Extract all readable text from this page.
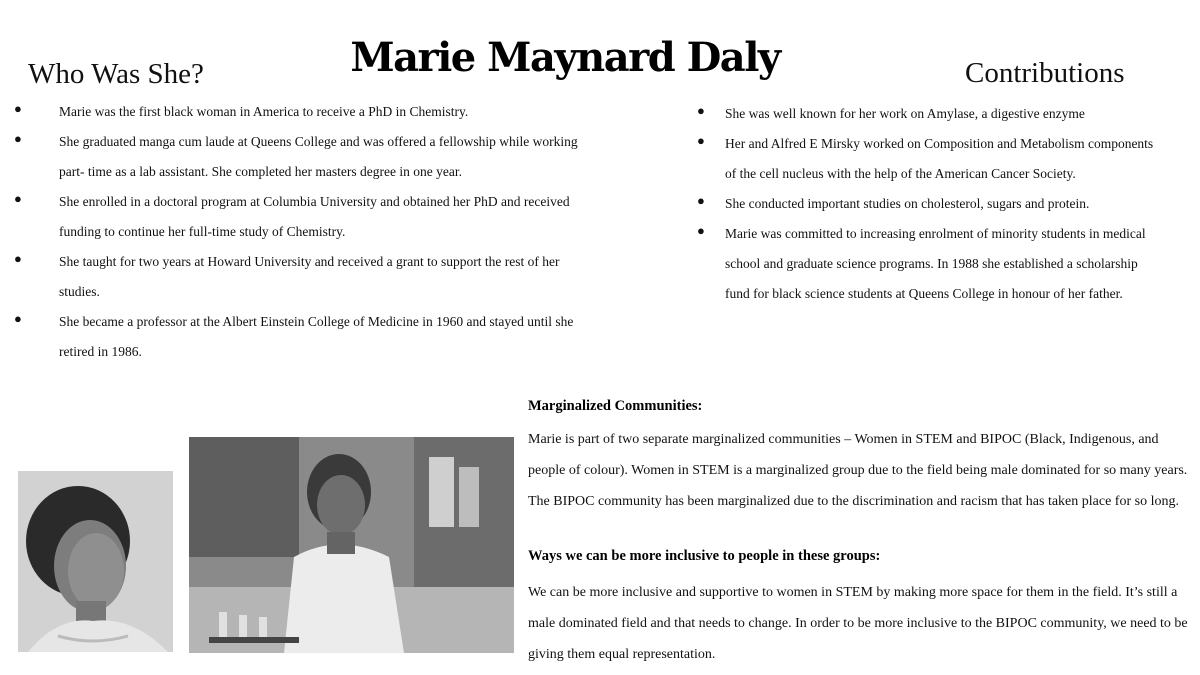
Marie Maynard Daly
Who Was She?	Contributions
●	Marie was the first black woman in America to receive a PhD in Chemistry.
●	She graduated manga cum laude at Queens College and was offered a fellowship while working part- time as a lab assistant. She completed her masters degree in one year.
●	She enrolled in a doctoral program at Columbia University and obtained her PhD and received funding to continue her full-time study of Chemistry.
●	She taught for two years at Howard University and received a grant to support the rest of her studies.
●	She became a professor at the Albert Einstein College of Medicine in 1960 and stayed until she retired in 1986.
● She was well known for her work on Amylase, a digestive enzyme
● Her and Alfred E Mirsky worked on Composition and Metabolism components of the cell nucleus with the help of the American Cancer Society.
● She conducted important studies on cholesterol, sugars and protein.
● Marie was committed to increasing enrolment of minority students in medical school and graduate science programs. In 1988 she established a scholarship fund for black science students at Queens College in honour of her father.
Marginalized Communities:
Marie is part of two separate marginalized communities – Women in STEM and BIPOC (Black, Indigenous, and people of colour). Women in STEM is a marginalized group due to the field being male dominated for so many years. The BIPOC community has been marginalized due to the discrimination and racism that has taken place for so long.
Ways we can be more inclusive to people in these groups:
We can be more inclusive and supportive to women in STEM by making more space for them in the field. It’s still a male dominated field and that needs to change. In order to be more inclusive to the BIPOC community, we need to be giving them equal representation.
